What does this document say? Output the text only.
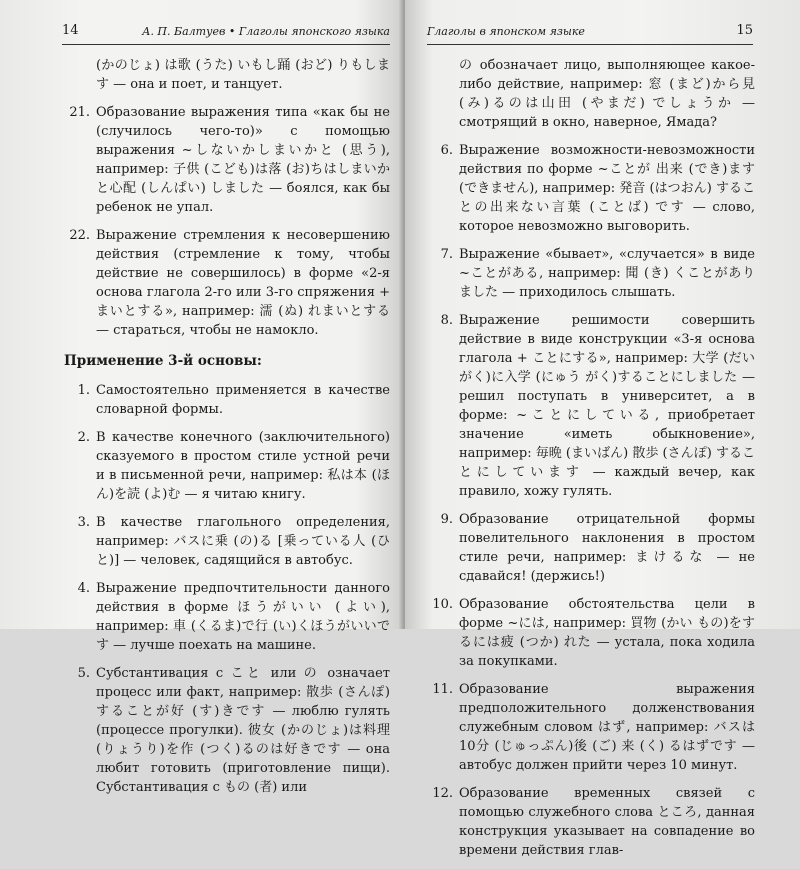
14	А. П. Балтуев • Глаголы японского языка
(かのじょ) は歌 (うた) いもし踊 (おど) りもします — она и поет, и танцует.
21. Образование выражения типа «как бы не (случилось чего-то)» с помощью выражения ~しないかしまいかと (思う), например: 子供 (こども)は落 (お)ちはしまいかと心配 (しんぱい) しました — боялся, как бы ребенок не упал.
22. Выражение стремления к несовершению действия (стремление к тому, чтобы действие не совершилось) в форме «2-я основа глагола 2-го или 3-го спряжения + まいとする», например: 濡 (ぬ) れまいとする — стараться, чтобы не намокло.
Применение 3-й основы:
1. Самостоятельно применяется в качестве словарной формы.
2. В качестве конечного (заключительного) сказуемого в простом стиле устной речи и в письменной речи, например: 私は本 (ほん)を読 (よ)む — я читаю книгу.
3. В качестве глагольного определения, например: バスに乗 (の)る [乗っている人 (ひと)] — человек, садящийся в автобус.
4. Выражение предпочтительности данного действия в форме ほうがいい (よい), например: 車 (くるま)で行 (い)くほうがいいです — лучше поехать на машине.
5. Субстантивация с こと или の означает процесс или факт, например: 散歩 (さんぽ)することが好 (す)きです — люблю гулять (процессе прогулки). 彼女 (かのじょ)は料理 (りょうり)を作 (つく)るのは好きです — она любит готовить (приготовление пищи). Субстантивация с もの (者) или
Глаголы в японском языке	15
の обозначает лицо, выполняющее какое-либо действие, например: 窓 (まど)から見 (み)るのは山田 (やまだ) でしょうか — смотрящий в окно, наверное, Ямада?
6. Выражение возможности-невозможности действия по форме ~ことが 出来 (でき)ます (できません), например: 発音 (はつおん) することの出来ない言葉 (ことば) です — слово, которое невозможно выговорить.
7. Выражение «бывает», «случается» в виде ~ことがある, например: 聞 (き) くことがありました — приходилось слышать.
8. Выражение решимости совершить действие в виде конструкции «3-я основа глагола + ことにする», например: 大学 (だいがく)に入学 (にゅう がく)することにしました — решил поступать в университет, а в форме: ~ことにしている, приобретает значение «иметь обыкновение», например: 毎晩 (まいばん) 散歩 (さんぽ) することにしています — каждый вечер, как правило, хожу гулять.
9. Образование отрицательной формы повелительного наклонения в простом стиле речи, например: まけるな — не сдавайся! (держись!)
10. Образование обстоятельства цели в форме ~には, например: 買物 (かい もの)をするには疲 (つか) れた — устала, пока ходила за покупками.
11. Образование выражения предположительного долженствования служебным словом はず, например: バスは10分 (じゅっぷん)後 (ご) 来 (く) るはずです — автобус должен прийти через 10 минут.
12. Образование временных связей с помощью служебного слова ところ, данная конструкция указывает на совпадение во времени действия глав-
